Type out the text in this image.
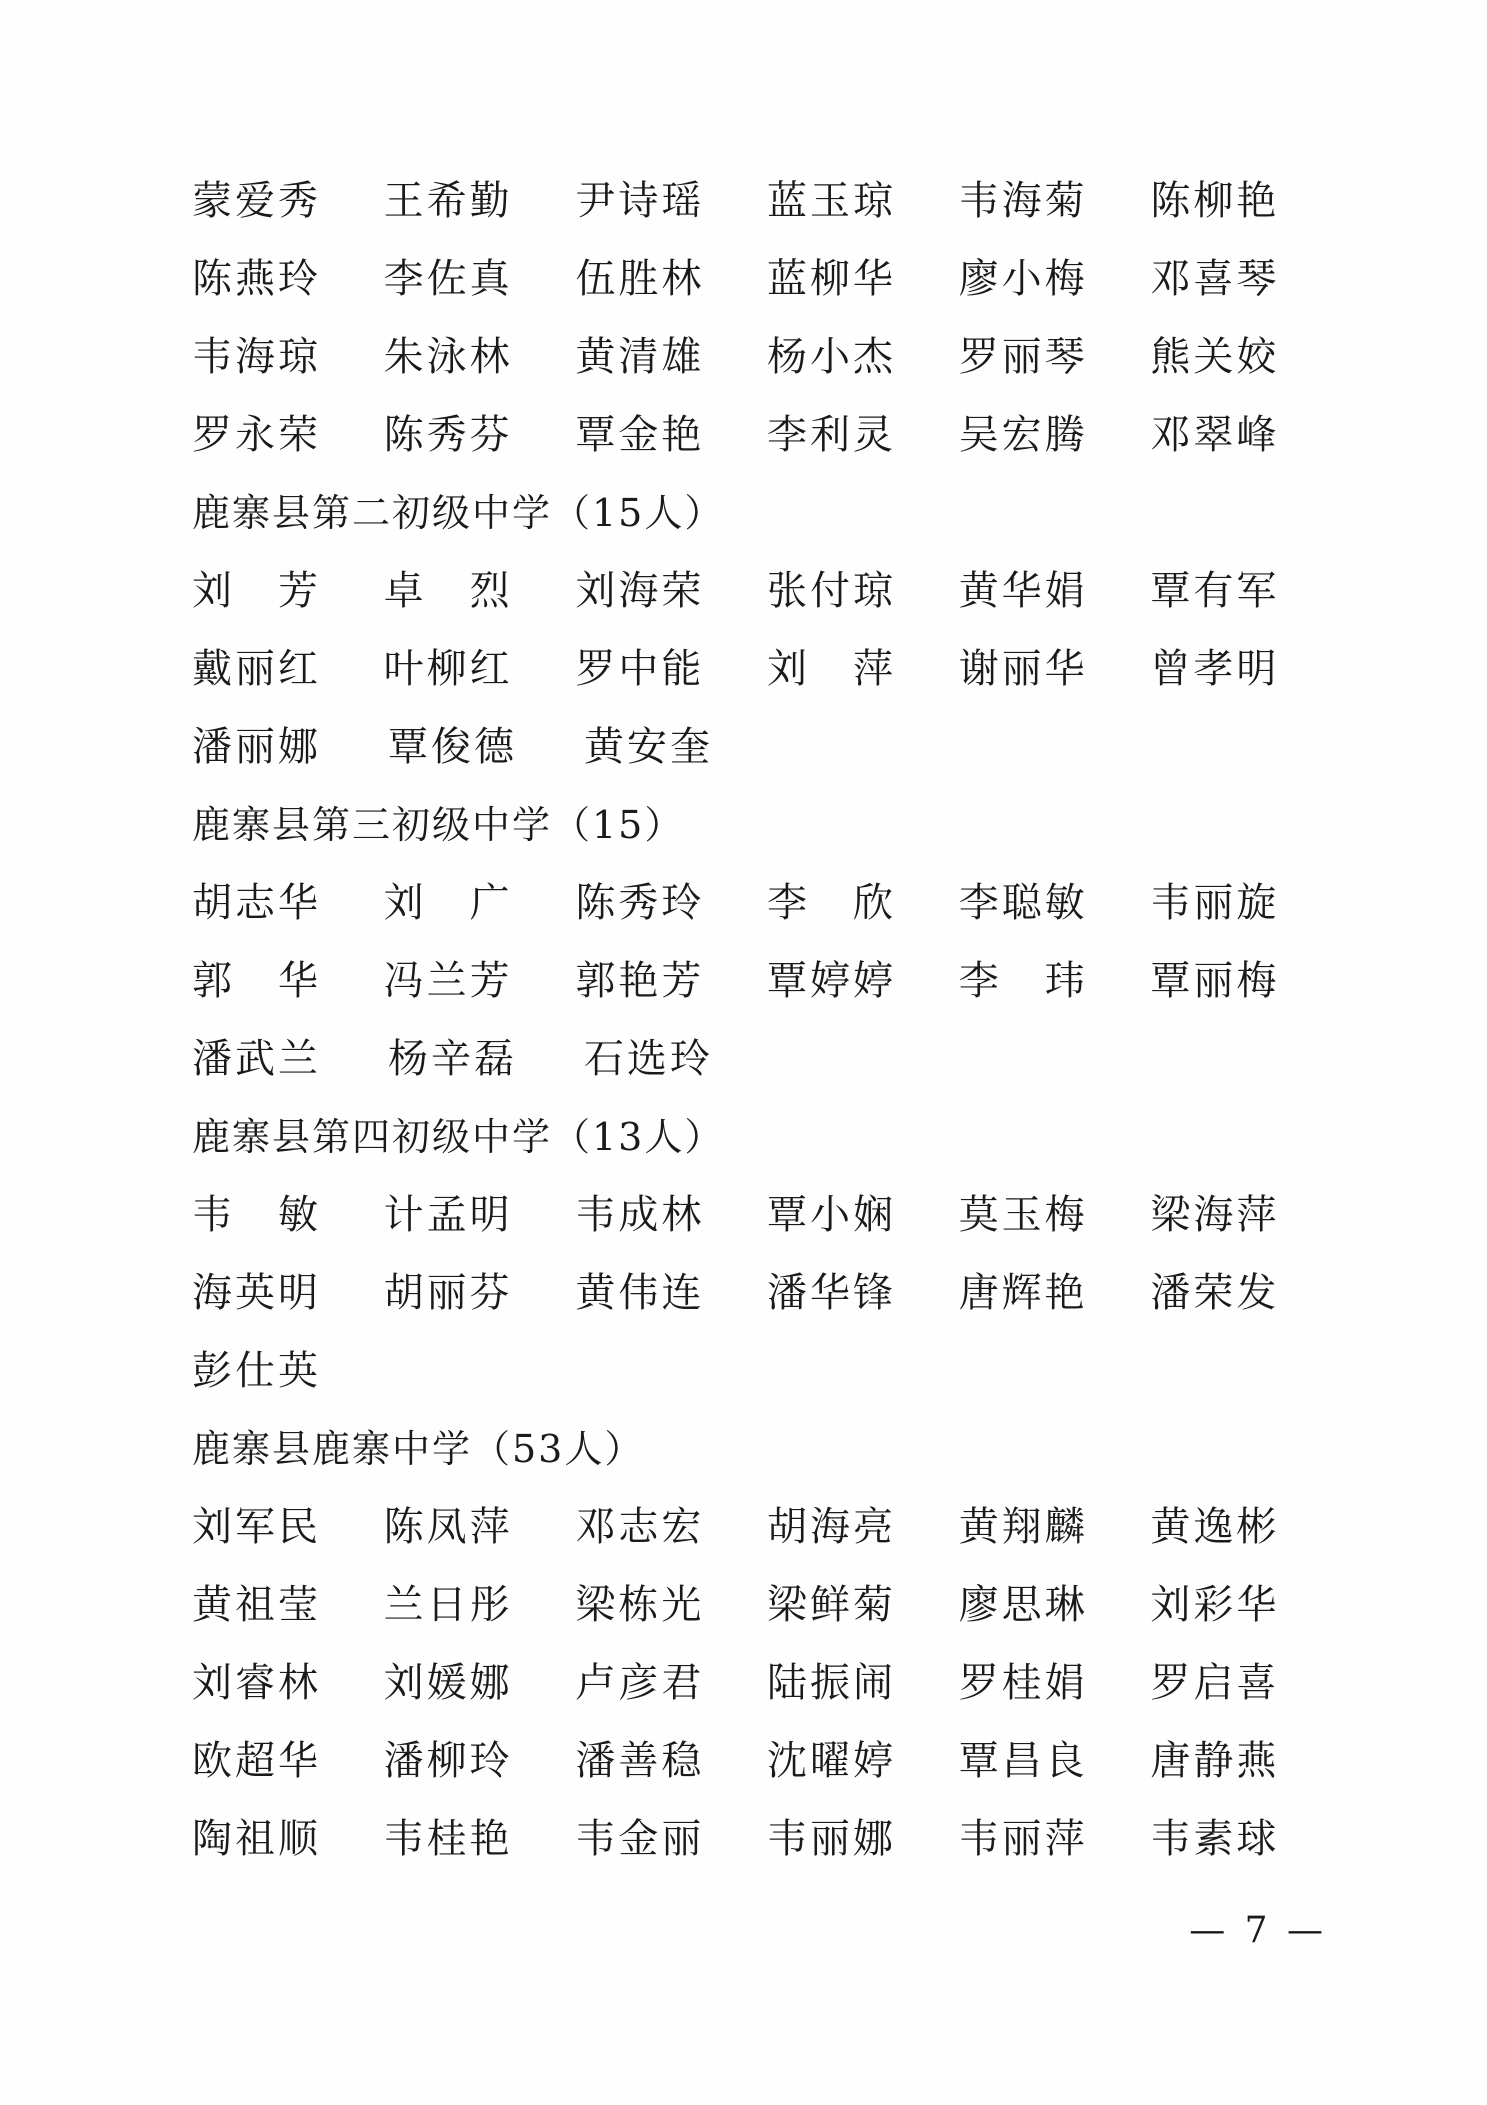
蒙爱秀	王希勤	尹诗瑶	蓝玉琼	韦海菊	陈柳艳
陈燕玲	李佐真	伍胜林	蓝柳华	廖小梅	邓喜琴
韦海琼	朱泳林	黄清雄	杨小杰	罗丽琴	熊关姣
罗永荣	陈秀芬	覃金艳	李利灵	吴宏腾	邓翠峰
鹿寨县第二初级中学（15人）
刘　芳	卓　烈	刘海荣	张付琼	黄华娟	覃有军
戴丽红	叶柳红	罗中能	刘　萍	谢丽华	曾孝明
潘丽娜	覃俊德	黄安奎
鹿寨县第三初级中学（15）
胡志华	刘　广	陈秀玲	李　欣	李聪敏	韦丽旋
郭　华	冯兰芳	郭艳芳	覃婷婷	李　玮	覃丽梅
潘武兰	杨辛磊	石选玲
鹿寨县第四初级中学（13人）
韦　敏	计孟明	韦成林	覃小娴	莫玉梅	梁海萍
海英明	胡丽芬	黄伟连	潘华锋	唐辉艳	潘荣发
彭仕英
鹿寨县鹿寨中学（53人）
刘军民	陈凤萍	邓志宏	胡海亮	黄翔麟	黄逸彬
黄祖莹	兰日彤	梁栋光	梁鲜菊	廖思琳	刘彩华
刘睿林	刘媛娜	卢彦君	陆振闹	罗桂娟	罗启喜
欧超华	潘柳玲	潘善稳	沈曜婷	覃昌良	唐静燕
陶祖顺	韦桂艳	韦金丽	韦丽娜	韦丽萍	韦素球
— 7 —
